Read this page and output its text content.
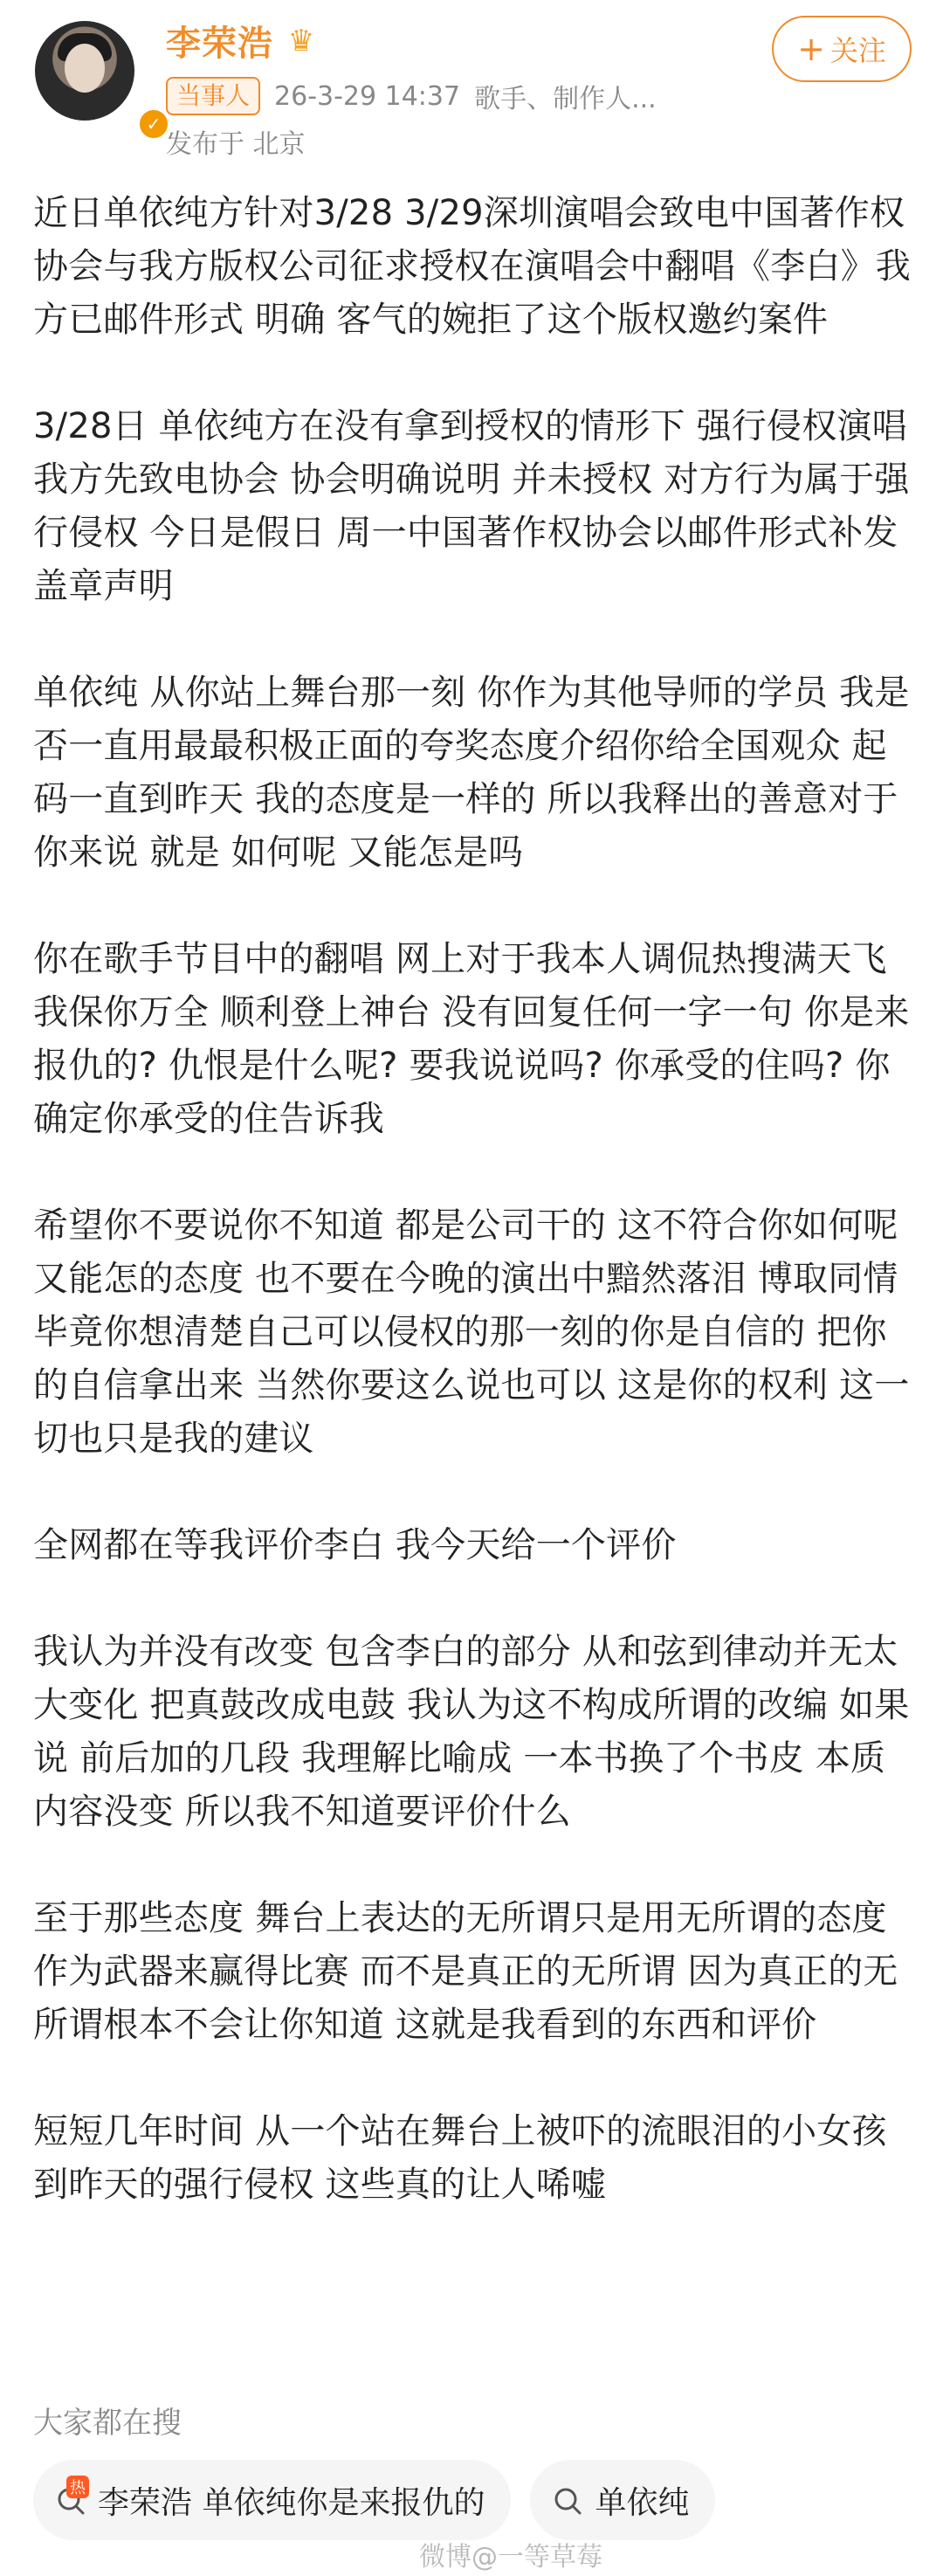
✓
李荣浩 ♛
当事人 26-3-29 14:37 歌手、制作人...
发布于 北京
+ 关注

近日单依纯方针对3/28 3/29深圳演唱会致电中国著作权协会与我方版权公司征求授权在演唱会中翻唱《李白》我方已邮件形式 明确 客气的婉拒了这个版权邀约案件

3/28日 单依纯方在没有拿到授权的情形下 强行侵权演唱 我方先致电协会 协会明确说明 并未授权 对方行为属于强行侵权 今日是假日 周一中国著作权协会以邮件形式补发盖章声明

单依纯 从你站上舞台那一刻 你作为其他导师的学员 我是否一直用最最积极正面的夸奖态度介绍你给全国观众 起码一直到昨天 我的态度是一样的 所以我释出的善意对于你来说 就是 如何呢 又能怎是吗

你在歌手节目中的翻唱 网上对于我本人调侃热搜满天飞 我保你万全 顺利登上神台 没有回复任何一字一句 你是来报仇的? 仇恨是什么呢? 要我说说吗? 你承受的住吗? 你确定你承受的住告诉我

希望你不要说你不知道 都是公司干的 这不符合你如何呢 又能怎的态度 也不要在今晚的演出中黯然落泪 博取同情 毕竟你想清楚自己可以侵权的那一刻的你是自信的 把你的自信拿出来 当然你要这么说也可以 这是你的权利 这一切也只是我的建议

全网都在等我评价李白 我今天给一个评价

我认为并没有改变 包含李白的部分 从和弦到律动并无太大变化 把真鼓改成电鼓 我认为这不构成所谓的改编 如果说 前后加的几段 我理解比喻成 一本书换了个书皮 本质内容没变 所以我不知道要评价什么

至于那些态度 舞台上表达的无所谓只是用无所谓的态度作为武器来赢得比赛 而不是真正的无所谓 因为真正的无所谓根本不会让你知道 这就是我看到的东西和评价

短短几年时间 从一个站在舞台上被吓的流眼泪的小女孩 到昨天的强行侵权 这些真的让人唏嘘

大家都在搜
热 李荣浩 单依纯你是来报仇的	单依纯
微博@一等草莓
